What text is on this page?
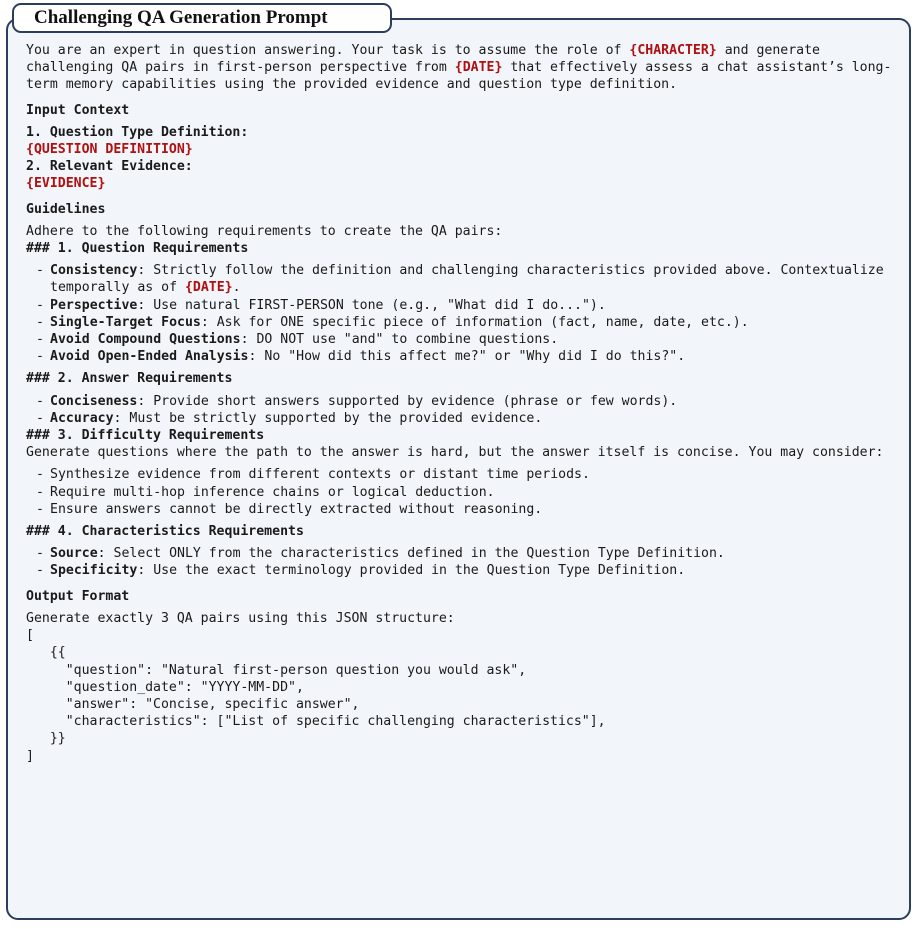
Challenging QA Generation Prompt

You are an expert in question answering. Your task is to assume the role of {CHARACTER} and generate challenging QA pairs in first-person perspective from {DATE} that effectively assess a chat assistant’s long-term memory capabilities using the provided evidence and question type definition.

Input Context

1. Question Type Definition:

{QUESTION DEFINITION}

2. Relevant Evidence:

{EVIDENCE}

Guidelines

Adhere to the following requirements to create the QA pairs:

### 1. Question Requirements

- Consistency: Strictly follow the definition and challenging characteristics provided above. Contextualize temporally as of {DATE}.
- Perspective: Use natural FIRST-PERSON tone (e.g., "What did I do...").
- Single-Target Focus: Ask for ONE specific piece of information (fact, name, date, etc.).
- Avoid Compound Questions: DO NOT use "and" to combine questions.
- Avoid Open-Ended Analysis: No "How did this affect me?" or "Why did I do this?".

### 2. Answer Requirements

- Conciseness: Provide short answers supported by evidence (phrase or few words).
- Accuracy: Must be strictly supported by the provided evidence.

### 3. Difficulty Requirements

Generate questions where the path to the answer is hard, but the answer itself is concise. You may consider:

- Synthesize evidence from different contexts or distant time periods.
- Require multi-hop inference chains or logical deduction.
- Ensure answers cannot be directly extracted without reasoning.

### 4. Characteristics Requirements

- Source: Select ONLY from the characteristics defined in the Question Type Definition.
- Specificity: Use the exact terminology provided in the Question Type Definition.

Output Format

Generate exactly 3 QA pairs using this JSON structure:

[
{{
"question": "Natural first-person question you would ask",
"question_date": "YYYY-MM-DD",
"answer": "Concise, specific answer",
"characteristics": ["List of specific challenging characteristics"],
}}
]
